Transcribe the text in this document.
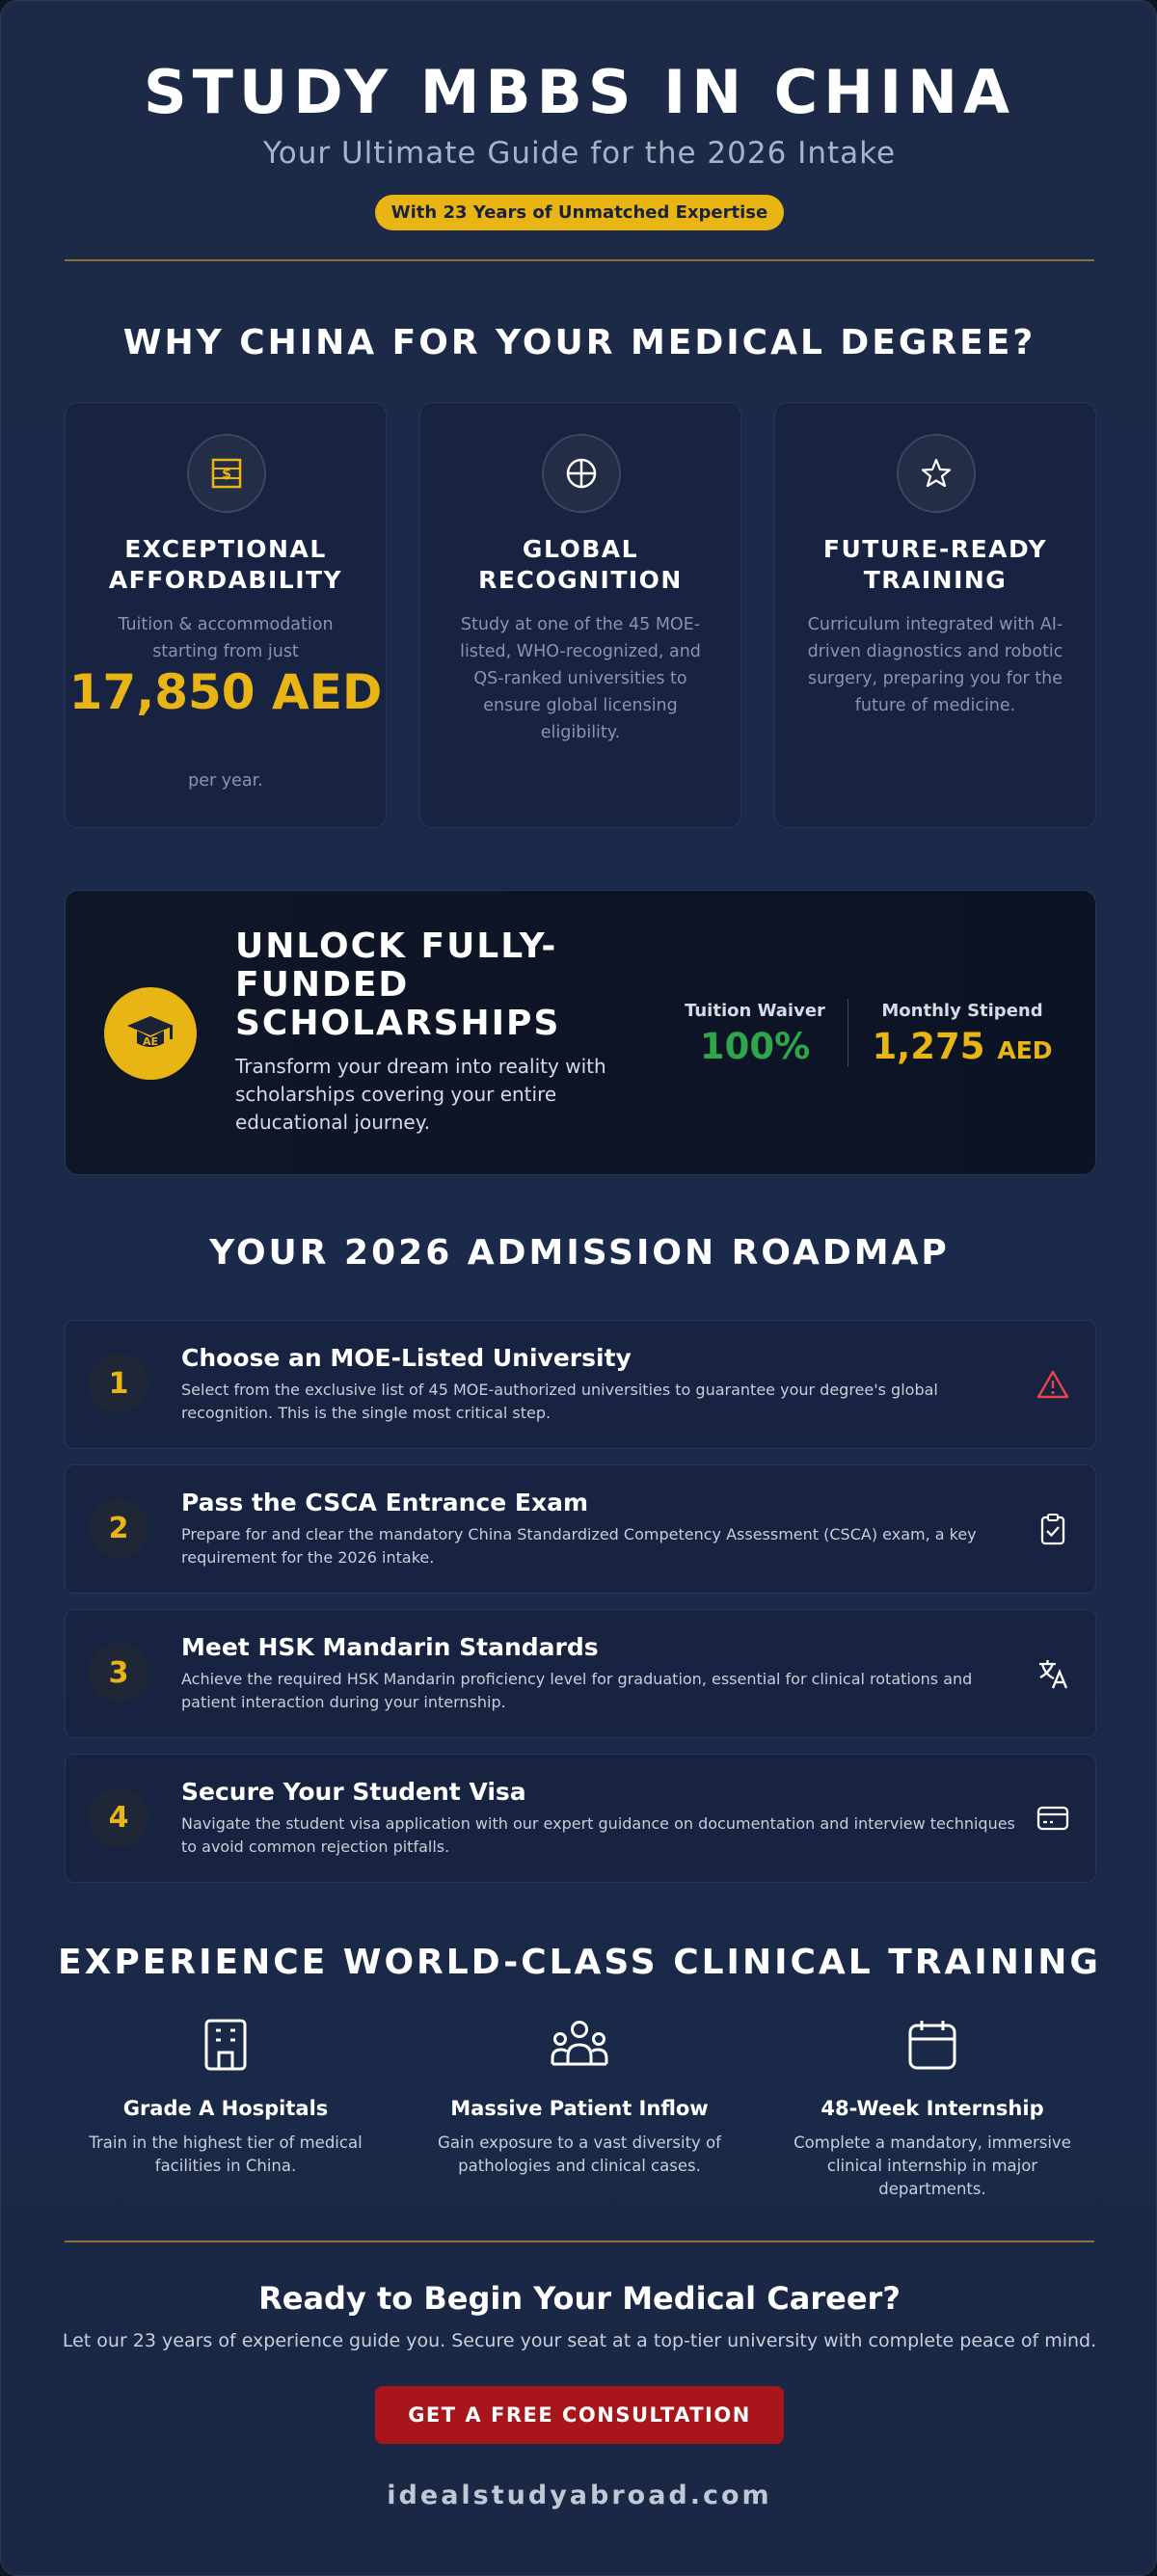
STUDY MBBS IN CHINA
Your Ultimate Guide for the 2026 Intake
With 23 Years of Unmatched Expertise
WHY CHINA FOR YOUR MEDICAL DEGREE?
$
EXCEPTIONAL AFFORDABILITY
Tuition & accommodation starting from just
17,850 AED
per year.
GLOBAL RECOGNITION
Study at one of the 45 MOE-listed, WHO-recognized, and QS-ranked universities to ensure global licensing eligibility.
FUTURE-READY TRAINING
Curriculum integrated with AI-driven diagnostics and robotic surgery, preparing you for the future of medicine.
AE
UNLOCK FULLY-FUNDED SCHOLARSHIPS
Transform your dream into reality with scholarships covering your entire educational journey.
Tuition Waiver
100%
Monthly Stipend
1,275 AED
YOUR 2026 ADMISSION ROADMAP
1
Choose an MOE-Listed University
Select from the exclusive list of 45 MOE-authorized universities to guarantee your degree's global recognition. This is the single most critical step.
2
Pass the CSCA Entrance Exam
Prepare for and clear the mandatory China Standardized Competency Assessment (CSCA) exam, a key requirement for the 2026 intake.
3
Meet HSK Mandarin Standards
Achieve the required HSK Mandarin proficiency level for graduation, essential for clinical rotations and patient interaction during your internship.
4
Secure Your Student Visa
Navigate the student visa application with our expert guidance on documentation and interview techniques to avoid common rejection pitfalls.
EXPERIENCE WORLD-CLASS CLINICAL TRAINING
Grade A Hospitals
Train in the highest tier of medical facilities in China.
Massive Patient Inflow
Gain exposure to a vast diversity of pathologies and clinical cases.
48-Week Internship
Complete a mandatory, immersive clinical internship in major departments.
Ready to Begin Your Medical Career?
Let our 23 years of experience guide you. Secure your seat at a top-tier university with complete peace of mind.
GET A FREE CONSULTATION
idealstudyabroad.com
